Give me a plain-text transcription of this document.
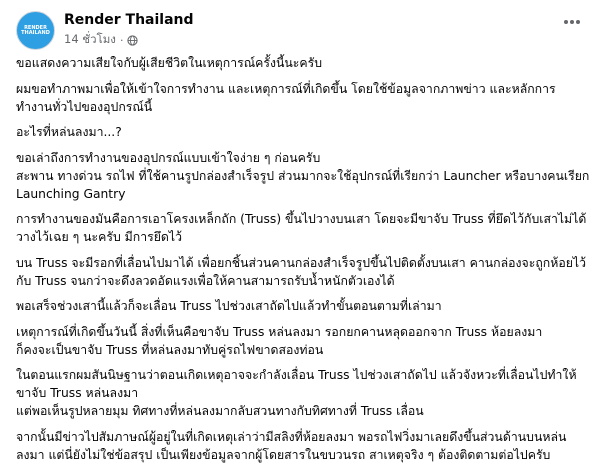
RENDER THAILAND
Render Thailand
14 ชั่วโมง ·

ขอแสดงความเสียใจกับผู้เสียชีวิตในเหตุการณ์ครั้งนี้นะครับ

ผมขอทำภาพมาเพื่อให้เข้าใจการทำงาน และเหตุการณ์ที่เกิดขึ้น โดยใช้ข้อมูลจากภาพข่าว และหลักการ
ทำงานทั่วไปของอุปกรณ์นี้

อะไรที่หล่นลงมา...?

ขอเล่าถึงการทำงานของอุปกรณ์แบบเข้าใจง่าย ๆ ก่อนครับ
สะพาน ทางด่วน รถไฟ ที่ใช้คานรูปกล่องสำเร็จรูป ส่วนมากจะใช้อุปกรณ์ที่เรียกว่า Launcher หรือบางคนเรียก
Launching Gantry

การทำงานของมันคือการเอาโครงเหล็กถัก (Truss) ขึ้นไปวางบนเสา โดยจะมีขาจับ Truss ที่ยึดไว้กับเสาไม่ได้
วางไว้เฉย ๆ นะครับ มีการยึดไว้

บน Truss จะมีรอกที่เลื่อนไปมาได้ เพื่อยกชิ้นส่วนคานกล่องสำเร็จรูปขึ้นไปติดตั้งบนเสา คานกล่องจะถูกห้อยไว้
กับ Truss จนกว่าจะดึงลวดอัดแรงเพื่อให้คานสามารถรับน้ำหนักตัวเองได้

พอเสร็จช่วงเสานี้แล้วก็จะเลื่อน Truss ไปช่วงเสาถัดไปแล้วทำขั้นตอนตามที่เล่ามา

เหตุการณ์ที่เกิดขึ้นวันนี้ สิ่งที่เห็นคือขาจับ Truss หล่นลงมา รอกยกคานหลุดออกจาก Truss ห้อยลงมา
ก็คงจะเป็นขาจับ Truss ที่หล่นลงมาทับคู่รถไฟขาดสองท่อน

ในตอนแรกผมสันนิษฐานว่าตอนเกิดเหตุอาจจะกำลังเลื่อน Truss ไปช่วงเสาถัดไป แล้วจังหวะที่เลื่อนไปทำให้
ขาจับ Truss หล่นลงมา
แต่พอเห็นรูปหลายมุม ทิศทางที่หล่นลงมากลับสวนทางกับทิศทางที่ Truss เลื่อน

จากนั้นมีข่าวไปสัมภาษณ์ผู้อยู่ในที่เกิดเหตุเล่าว่ามีสลิงที่ห้อยลงมา พอรถไฟวิ่งมาเลยดึงขึ้นส่วนด้านบนหล่น
ลงมา แต่นี่ยังไม่ใช่ข้อสรุป เป็นเพียงข้อมูลจากผู้โดยสารในขบวนรถ สาเหตุจริง ๆ ต้องติดตามต่อไปครับ
